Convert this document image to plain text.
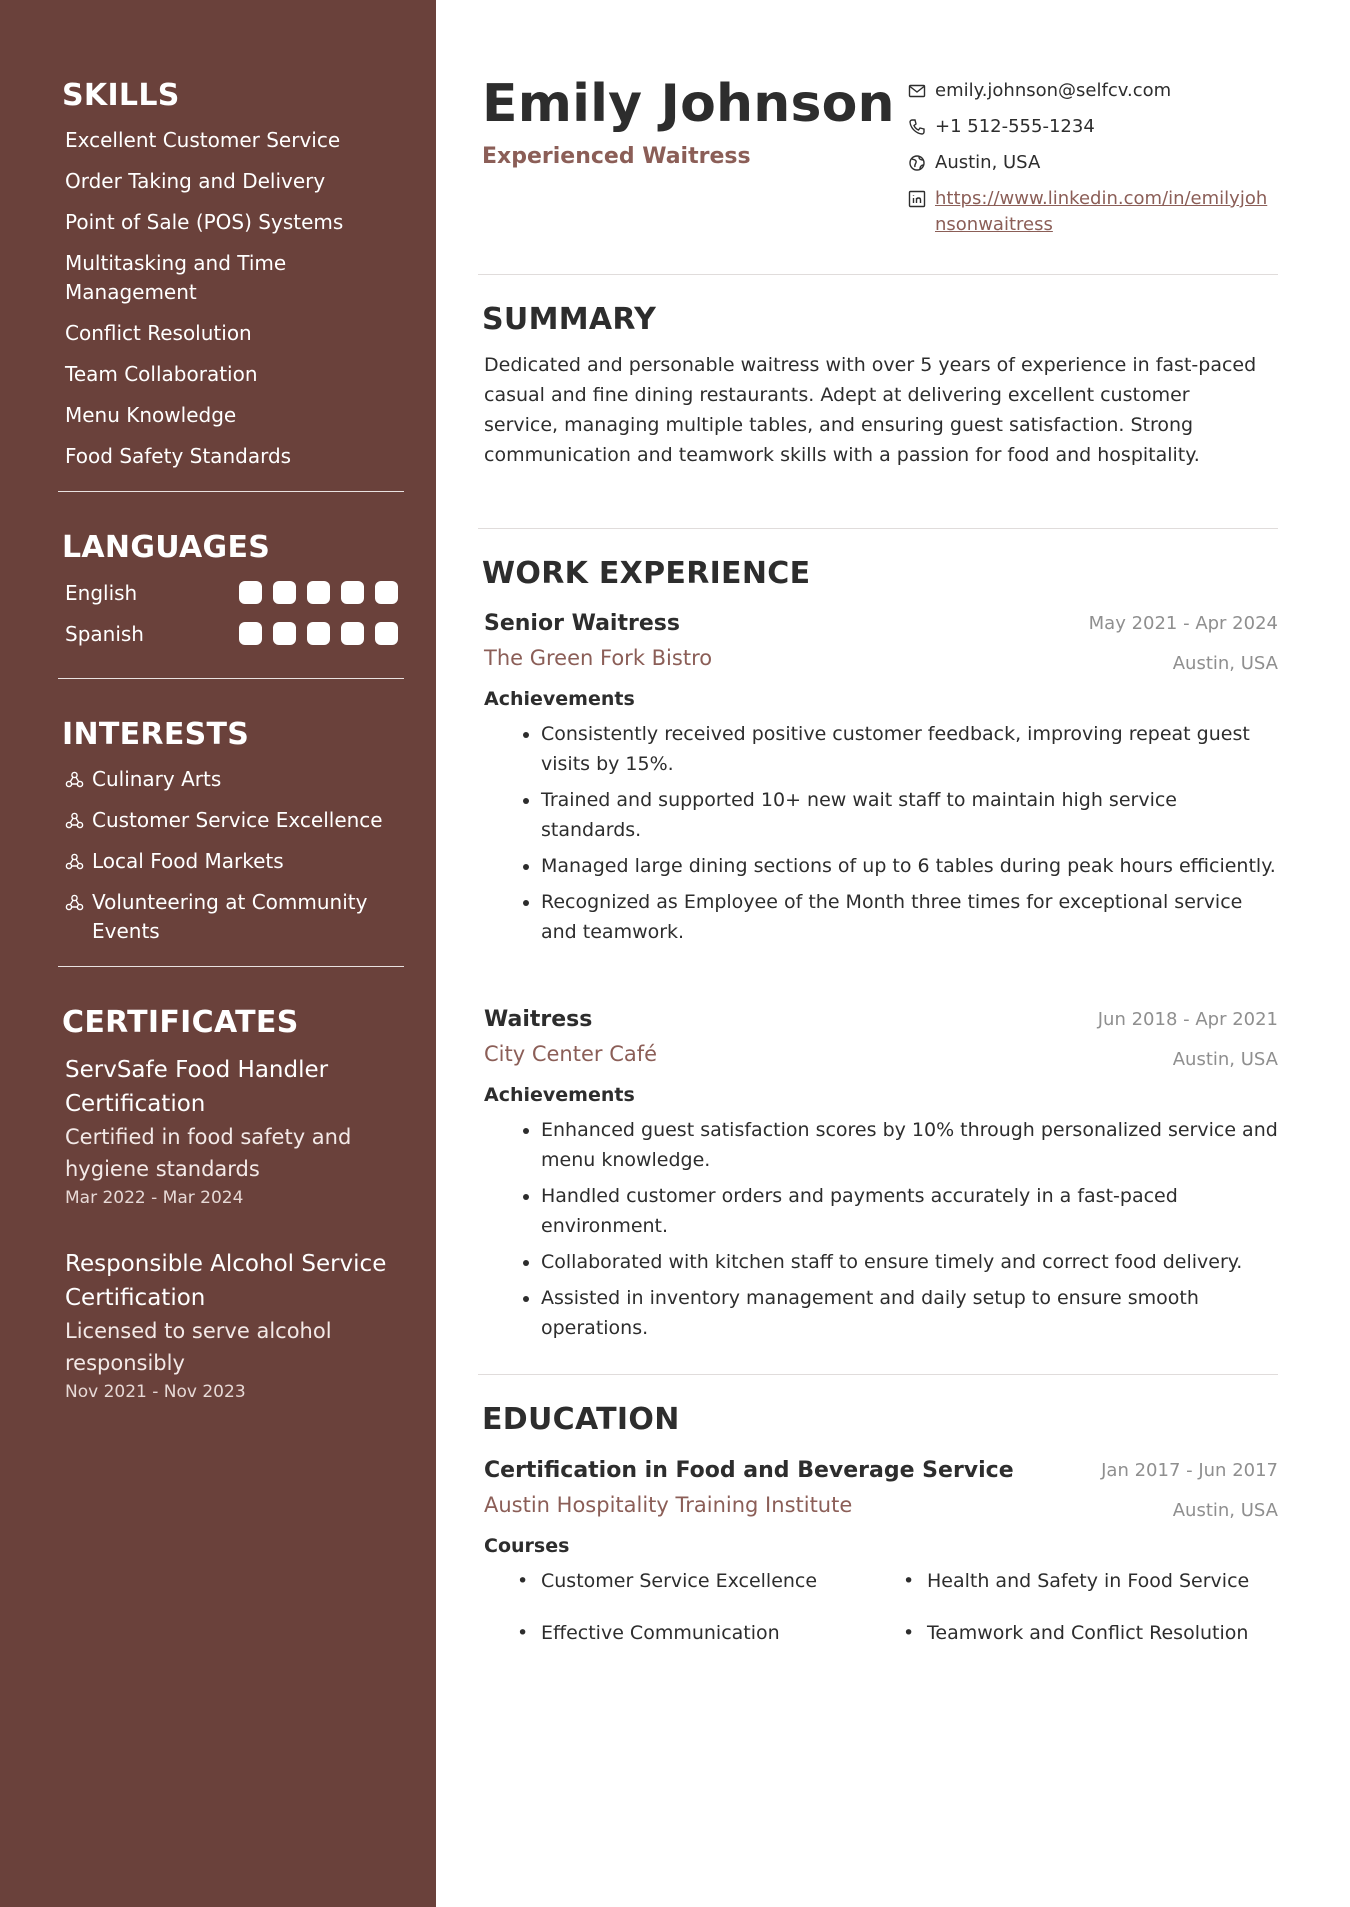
SKILLS
Excellent Customer Service
Order Taking and Delivery
Point of Sale (POS) Systems
Multitasking and Time Management
Conflict Resolution
Team Collaboration
Menu Knowledge
Food Safety Standards
LANGUAGES
English
Spanish
INTERESTS
Culinary Arts
Customer Service Excellence
Local Food Markets
Volunteering at Community Events
CERTIFICATES
ServSafe Food Handler Certification
Certified in food safety and hygiene standards
Mar 2022 - Mar 2024
Responsible Alcohol Service Certification
Licensed to serve alcohol responsibly
Nov 2021 - Nov 2023
Emily Johnson
Experienced Waitress
emily.johnson@selfcv.com
+1 512-555-1234
Austin, USA
https://www.linkedin.com/in/emilyjohnsonwaitress
SUMMARY

Dedicated and personable waitress with over 5 years of experience in fast-paced casual and fine dining restaurants. Adept at delivering excellent customer service, managing multiple tables, and ensuring guest satisfaction. Strong communication and teamwork skills with a passion for food and hospitality.

WORK EXPERIENCE
Senior Waitress	May 2021 - Apr 2024
The Green Fork Bistro	Austin, USA
Achievements
• Consistently received positive customer feedback, improving repeat guest visits by 15%.
• Trained and supported 10+ new wait staff to maintain high service standards.
• Managed large dining sections of up to 6 tables during peak hours efficiently.
• Recognized as Employee of the Month three times for exceptional service and teamwork.
Waitress	Jun 2018 - Apr 2021
City Center Café	Austin, USA
Achievements
• Enhanced guest satisfaction scores by 10% through personalized service and menu knowledge.
• Handled customer orders and payments accurately in a fast-paced environment.
• Collaborated with kitchen staff to ensure timely and correct food delivery.
• Assisted in inventory management and daily setup to ensure smooth operations.
EDUCATION
Certification in Food and Beverage Service	Jan 2017 - Jun 2017
Austin Hospitality Training Institute	Austin, USA
Courses
• Customer Service Excellence	• Health and Safety in Food Service
• Effective Communication	• Teamwork and Conflict Resolution
